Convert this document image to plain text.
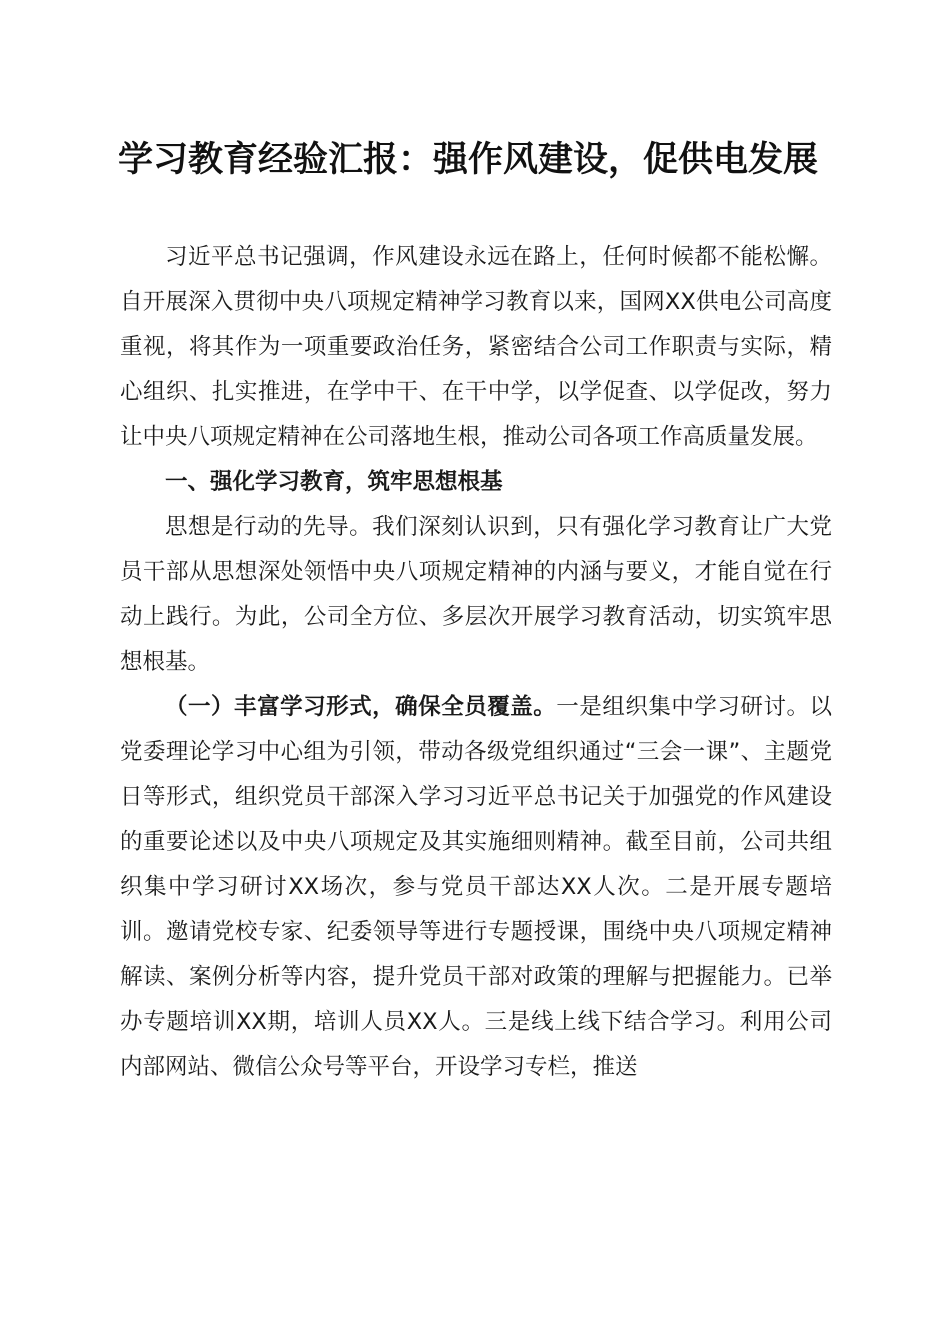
学习教育经验汇报：强作风建设，促供电发展

习近平总书记强调，作风建设永远在路上，任何时候都不能松懈。自开展深入贯彻中央八项规定精神学习教育以来，国网XX供电公司高度重视，将其作为一项重要政治任务，紧密结合公司工作职责与实际，精心组织、扎实推进，在学中干、在干中学，以学促查、以学促改，努力让中央八项规定精神在公司落地生根，推动公司各项工作高质量发展。

一、强化学习教育，筑牢思想根基

思想是行动的先导。我们深刻认识到，只有强化学习教育让广大党员干部从思想深处领悟中央八项规定精神的内涵与要义，才能自觉在行动上践行。为此，公司全方位、多层次开展学习教育活动，切实筑牢思想根基。

（一）丰富学习形式，确保全员覆盖。一是组织集中学习研讨。以党委理论学习中心组为引领，带动各级党组织通过“三会一课”、主题党日等形式，组织党员干部深入学习习近平总书记关于加强党的作风建设的重要论述以及中央八项规定及其实施细则精神。截至目前，公司共组织集中学习研讨XX场次，参与党员干部达XX人次。二是开展专题培训。邀请党校专家、纪委领导等进行专题授课，围绕中央八项规定精神解读、案例分析等内容，提升党员干部对政策的理解与把握能力。已举办专题培训XX期，培训人员XX人。三是线上线下结合学习。利用公司内部网站、微信公众号等平台，开设学习专栏，推送
